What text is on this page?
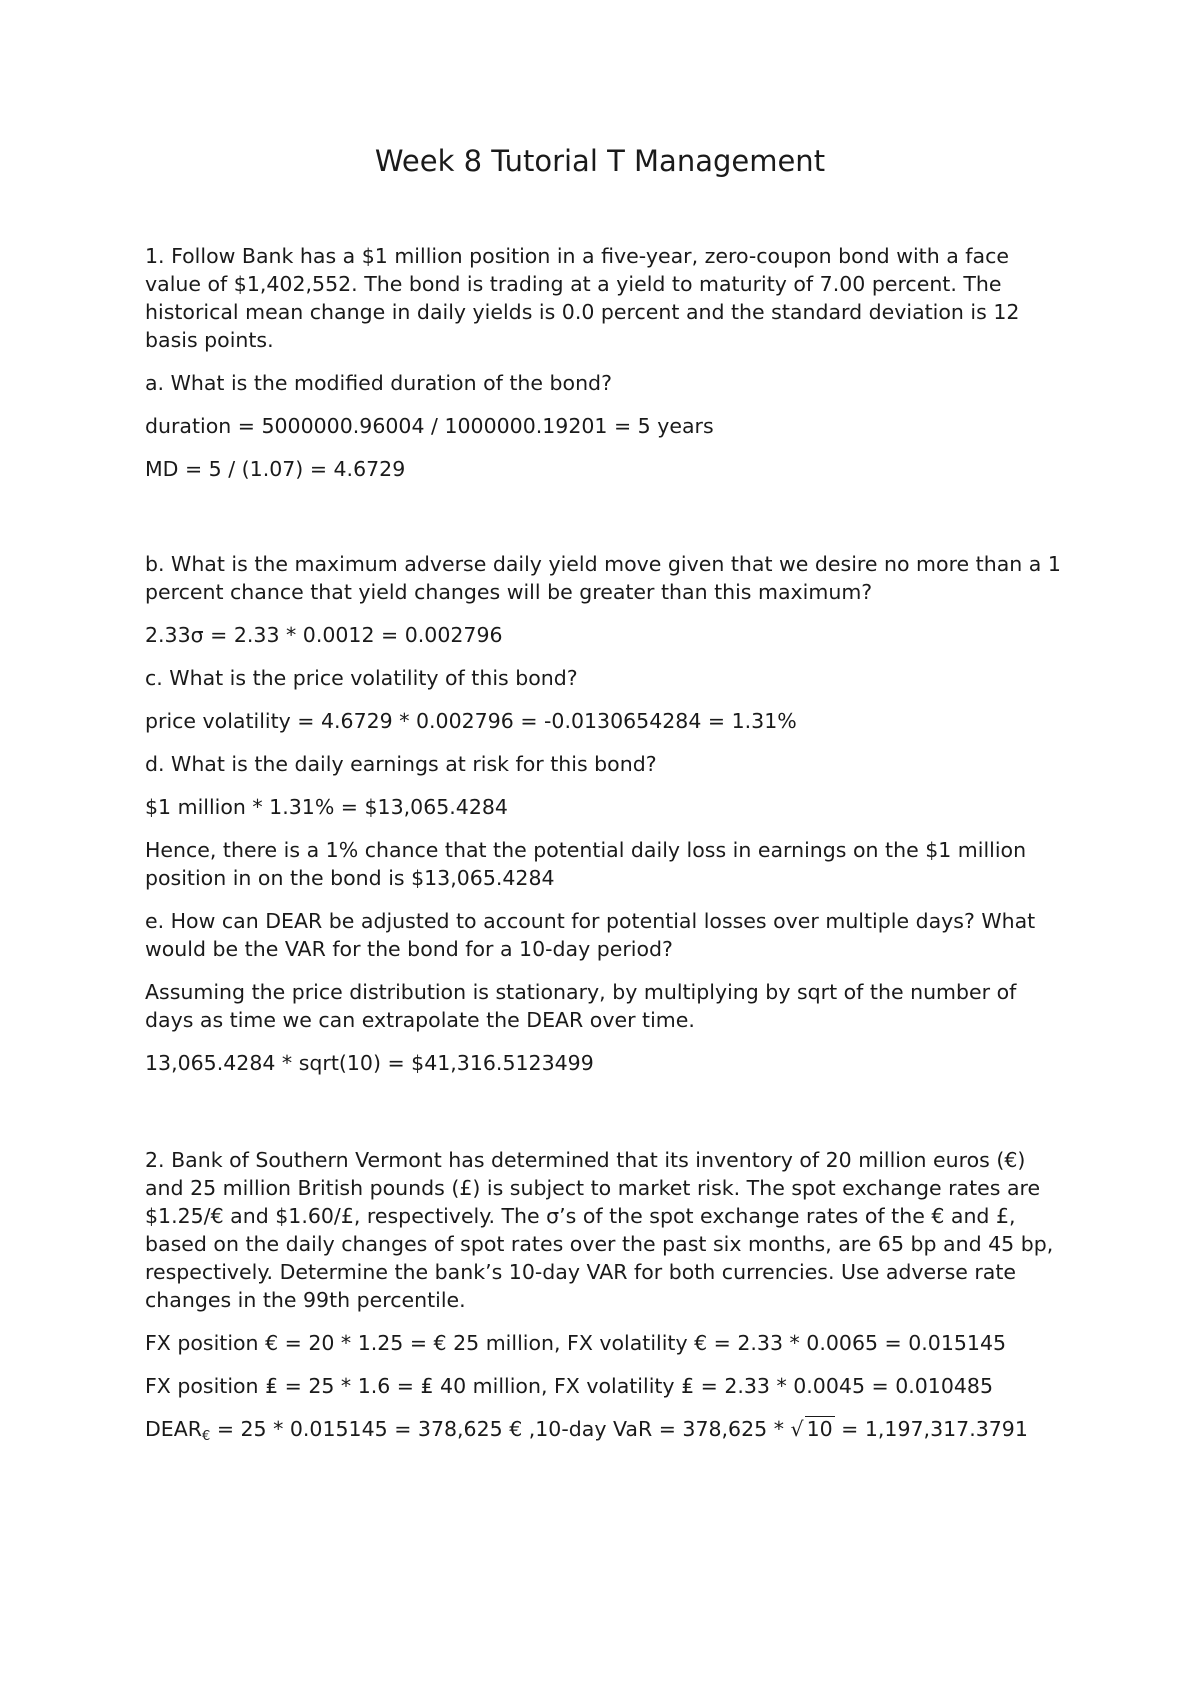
Week 8 Tutorial T Management

1. Follow Bank has a $1 million position in a five-year, zero-coupon bond with a face value of $1,402,552. The bond is trading at a yield to maturity of 7.00 percent. The historical mean change in daily yields is 0.0 percent and the standard deviation is 12 basis points.

a. What is the modified duration of the bond?

duration = 5000000.96004 / 1000000.19201 = 5 years

MD = 5 / (1.07) = 4.6729

b. What is the maximum adverse daily yield move given that we desire no more than a 1 percent chance that yield changes will be greater than this maximum?

2.33σ = 2.33 * 0.0012 = 0.002796

c. What is the price volatility of this bond?

price volatility = 4.6729 * 0.002796 = -0.0130654284 = 1.31%

d. What is the daily earnings at risk for this bond?

$1 million * 1.31% = $13,065.4284

Hence, there is a 1% chance that the potential daily loss in earnings on the $1 million position in on the bond is $13,065.4284

e. How can DEAR be adjusted to account for potential losses over multiple days? What would be the VAR for the bond for a 10-day period?

Assuming the price distribution is stationary, by multiplying by sqrt of the number of days as time we can extrapolate the DEAR over time.

13,065.4284 * sqrt(10) = $41,316.5123499

2. Bank of Southern Vermont has determined that its inventory of 20 million euros (€) and 25 million British pounds (£) is subject to market risk. The spot exchange rates are $1.25/€ and $1.60/£, respectively. The σ’s of the spot exchange rates of the € and £, based on the daily changes of spot rates over the past six months, are 65 bp and 45 bp, respectively. Determine the bank’s 10-day VAR for both currencies. Use adverse rate changes in the 99th percentile.

FX position € = 20 * 1.25 = € 25 million, FX volatility € = 2.33 * 0.0065 = 0.015145

FX position ₤ = 25 * 1.6 = ₤ 40 million, FX volatility ₤ = 2.33 * 0.0045 = 0.010485

$DEAR_€ = 25 * 0.015145 = 378,625$ € ,10-day VaR = 378,625 * √ 10 = 1,197,317.3791
